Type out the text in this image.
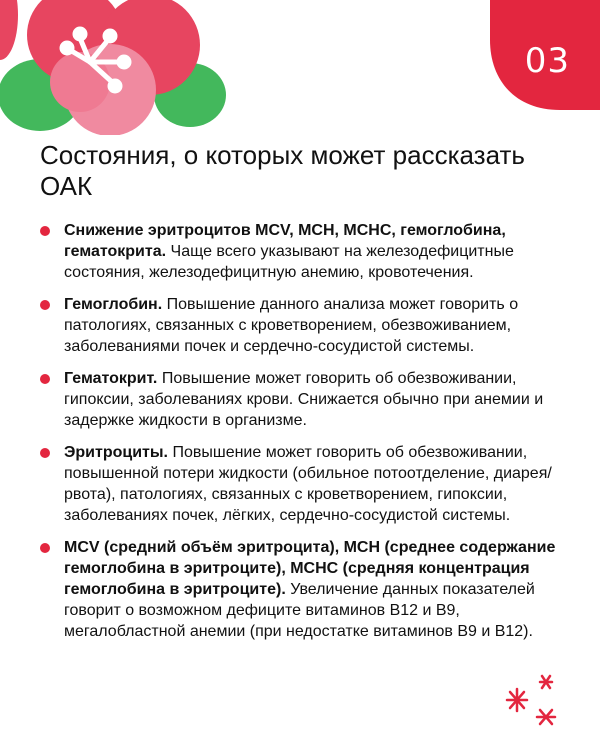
03
Состояния, о которых может рассказать ОАК
Снижение эритроцитов MCV, MCH, MCHC, гемоглобина, гематокрита. Чаще всего указывают на железодефицитные состояния, железодефицитную анемию, кровотечения.
Гемоглобин. Повышение данного анализа может говорить о патологиях, связанных с кроветворением, обезвоживанием, заболеваниями почек и сердечно-сосудистой системы.
Гематокрит. Повышение может говорить об обезвоживании, гипоксии, заболеваниях крови. Снижается обычно при анемии и задержке жидкости в организме.
Эритроциты. Повышение может говорить об обезвоживании, повышенной потери жидкости (обильное потоотделение, диарея/рвота), патологиях, связанных с кроветворением, гипоксии, заболеваниях почек, лёгких, сердечно-сосудистой системы.
MCV (средний объём эритроцита), MCH (среднее содержание гемоглобина в эритроците), MCHC (средняя концентрация гемоглобина в эритроците). Увеличение данных показателей говорит о возможном дефиците витаминов В12 и В9, мегалобластной анемии (при недостатке витаминов В9 и В12).
